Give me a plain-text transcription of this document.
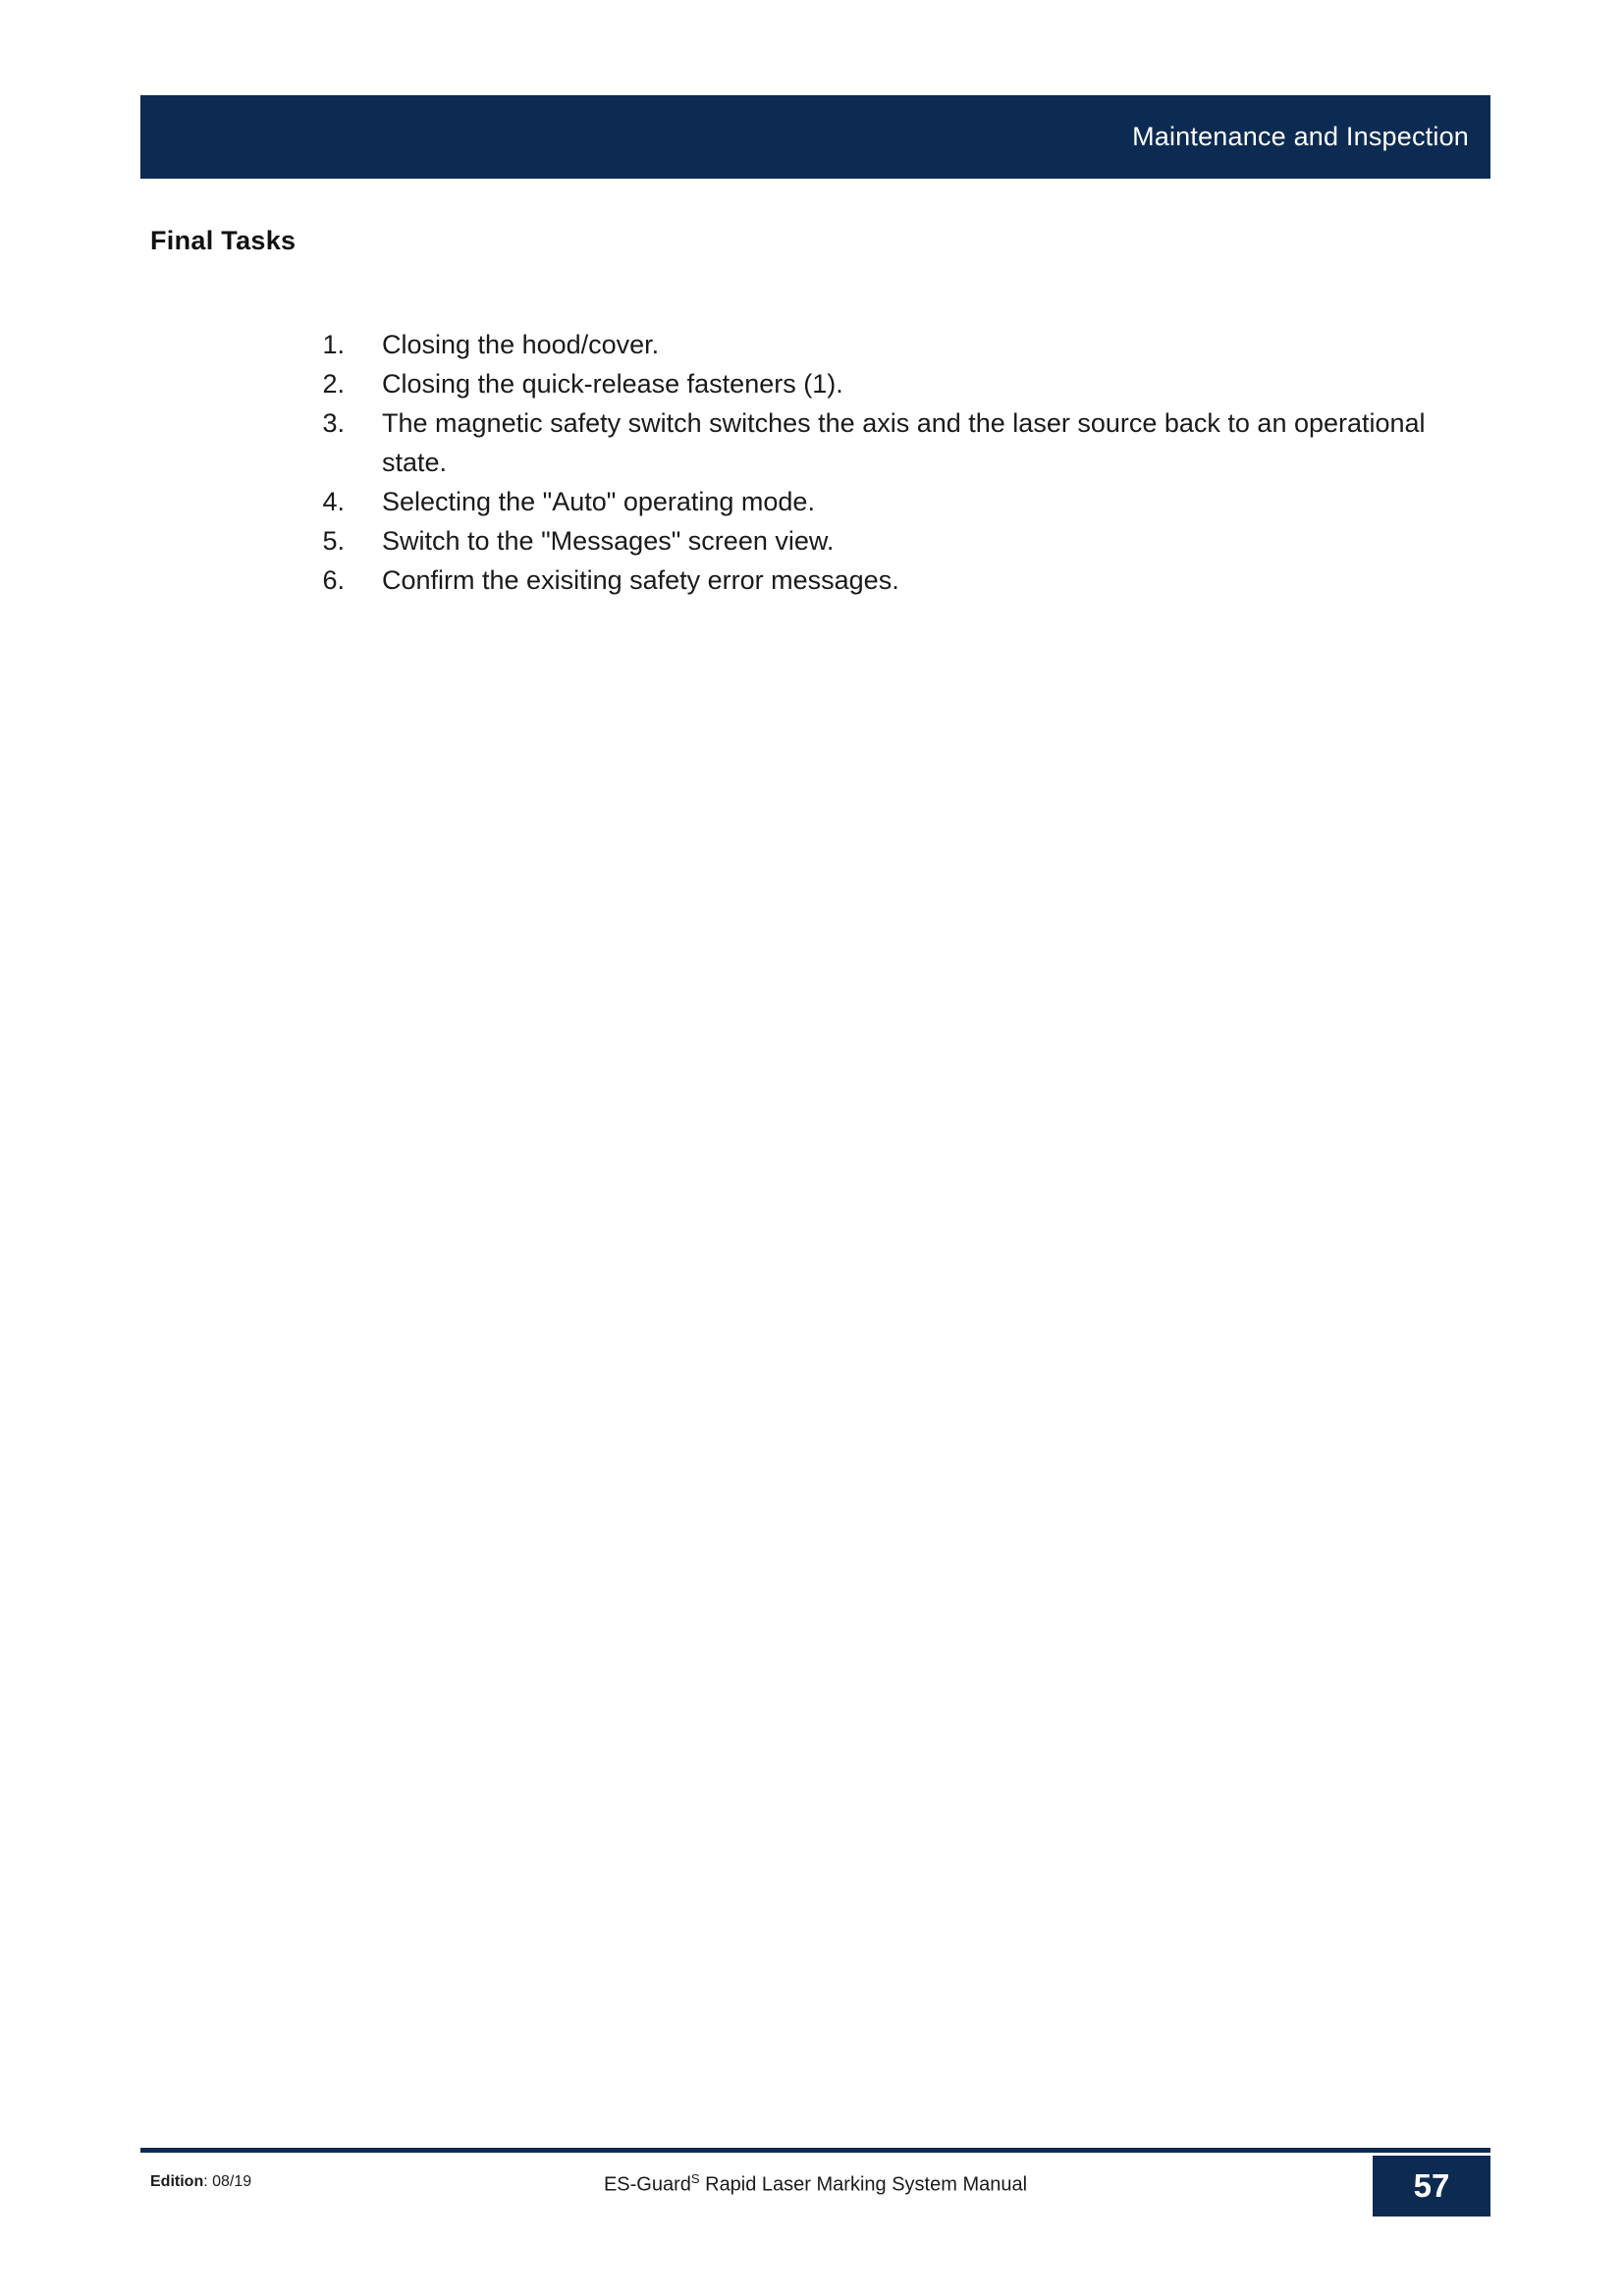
Maintenance and Inspection
Final Tasks
1. Closing the hood/cover.
2. Closing the quick-release fasteners (1).
3. The magnetic safety switch switches the axis and the laser source back to an operational state.
4. Selecting the "Auto" operating mode.
5. Switch to the "Messages" screen view.
6. Confirm the exisiting safety error messages.
Edition: 08/19	ES-Guard$^S$ Rapid Laser Marking System Manual	57
